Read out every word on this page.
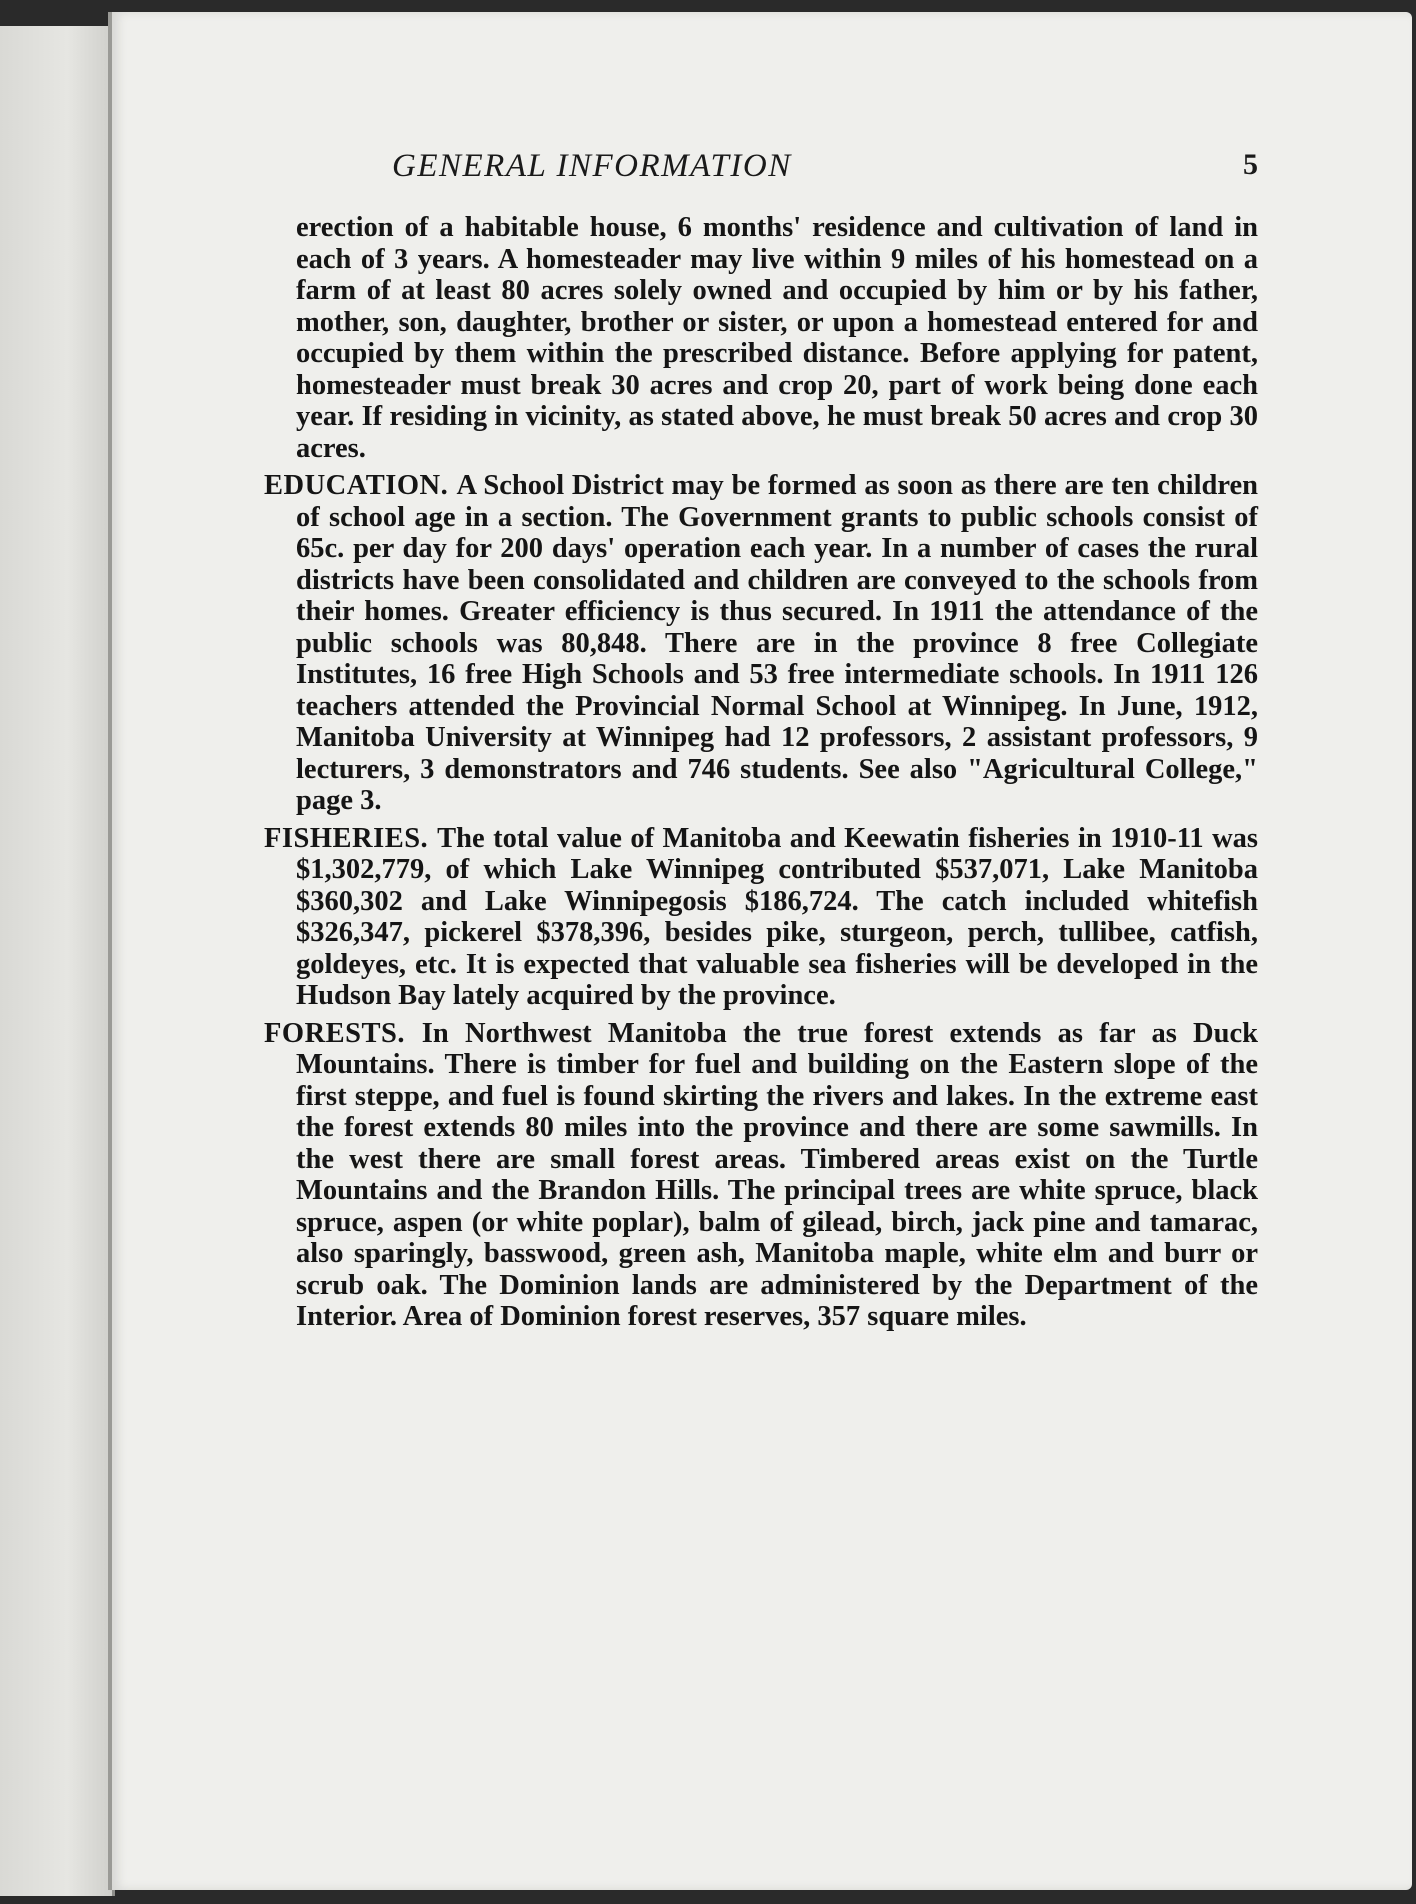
GENERAL INFORMATION	5

erection of a habitable house, 6 months' residence and cultivation of land in each of 3 years. A homesteader may live within 9 miles of his homestead on a farm of at least 80 acres solely owned and occupied by him or by his father, mother, son, daughter, brother or sister, or upon a homestead entered for and occupied by them within the prescribed distance. Before applying for patent, homesteader must break 30 acres and crop 20, part of work being done each year. If residing in vicinity, as stated above, he must break 50 acres and crop 30 acres.

EDUCATION. A School District may be formed as soon as there are ten children of school age in a section. The Government grants to public schools consist of 65c. per day for 200 days' operation each year. In a number of cases the rural districts have been consolidated and children are conveyed to the schools from their homes. Greater efficiency is thus secured. In 1911 the attendance of the public schools was 80,848. There are in the province 8 free Collegiate Institutes, 16 free High Schools and 53 free intermediate schools. In 1911 126 teachers attended the Provincial Normal School at Winnipeg. In June, 1912, Manitoba University at Winnipeg had 12 professors, 2 assistant professors, 9 lecturers, 3 demonstrators and 746 students. See also "Agricultural College," page 3.

FISHERIES. The total value of Manitoba and Keewatin fisheries in 1910-11 was $1,302,779, of which Lake Winnipeg contributed $537,071, Lake Manitoba $360,302 and Lake Winnipegosis $186,724. The catch included whitefish $326,347, pickerel $378,396, besides pike, sturgeon, perch, tullibee, catfish, goldeyes, etc. It is expected that valuable sea fisheries will be developed in the Hudson Bay lately acquired by the province.

FORESTS. In Northwest Manitoba the true forest extends as far as Duck Mountains. There is timber for fuel and building on the Eastern slope of the first steppe, and fuel is found skirting the rivers and lakes. In the extreme east the forest extends 80 miles into the province and there are some sawmills. In the west there are small forest areas. Timbered areas exist on the Turtle Mountains and the Brandon Hills. The principal trees are white spruce, black spruce, aspen (or white poplar), balm of gilead, birch, jack pine and tamarac, also sparingly, basswood, green ash, Manitoba maple, white elm and burr or scrub oak. The Dominion lands are administered by the Department of the Interior. Area of Dominion forest reserves, 357 square miles.
